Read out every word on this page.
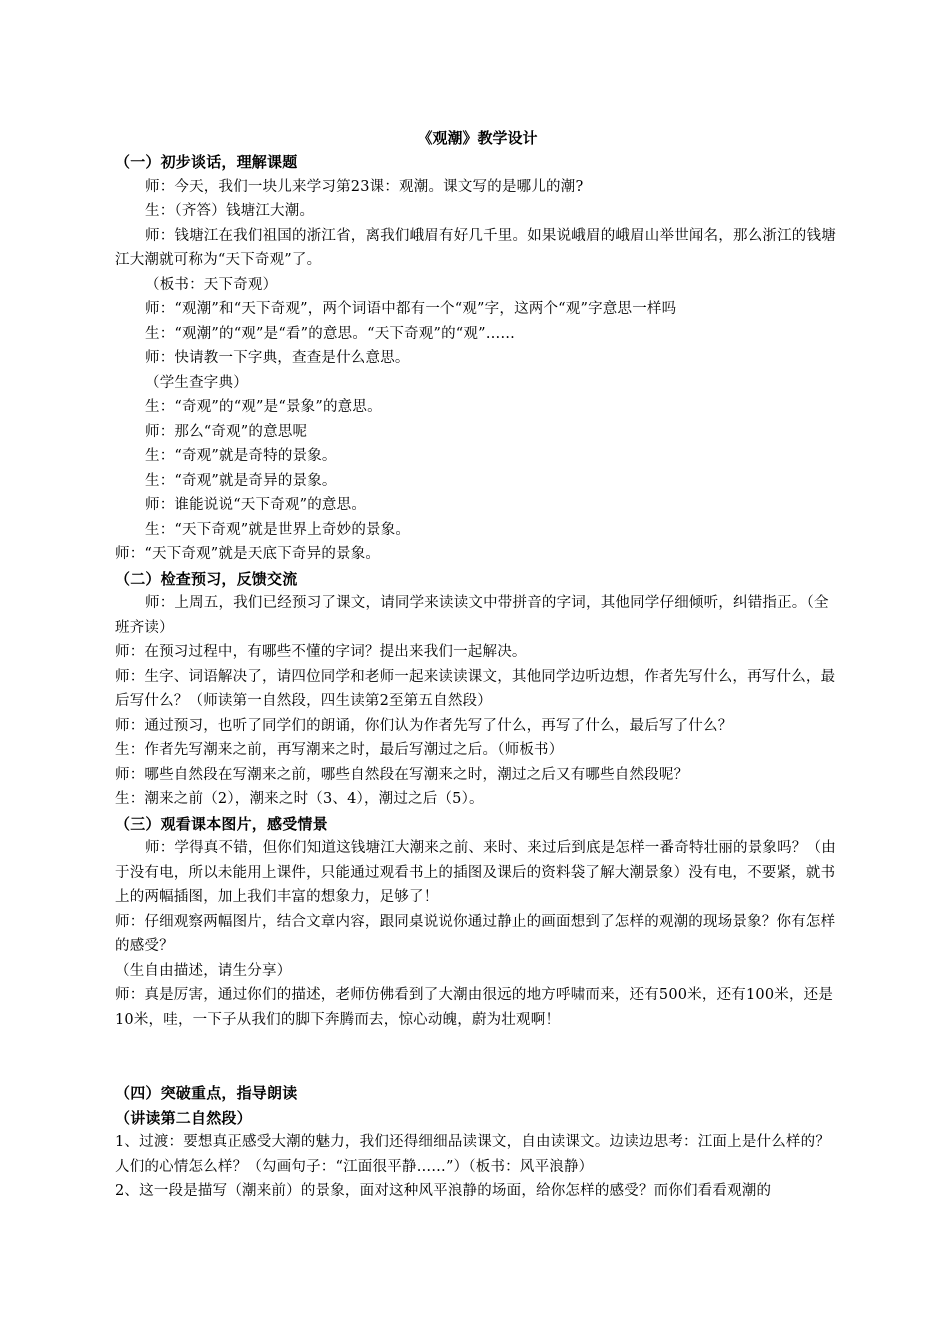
《观潮》教学设计

（一）初步谈话，理解课题

师：今天，我们一块儿来学习第23课：观潮。课文写的是哪儿的潮?

生：（齐答）钱塘江大潮。

师：钱塘江在我们祖国的浙江省，离我们峨眉有好几千里。如果说峨眉的峨眉山举世闻名，那么浙江的钱塘江大潮就可称为“天下奇观”了。

（板书：天下奇观）

师：“观潮”和“天下奇观”，两个词语中都有一个“观”字，这两个“观”字意思一样吗

生：“观潮”的“观”是“看”的意思。“天下奇观”的“观”……

师：快请教一下字典，查查是什么意思。

（学生查字典）

生：“奇观”的“观”是“景象”的意思。

师：那么“奇观”的意思呢

生：“奇观”就是奇特的景象。

生：“奇观”就是奇异的景象。

师：谁能说说“天下奇观”的意思。

生：“天下奇观”就是世界上奇妙的景象。

师：“天下奇观”就是天底下奇异的景象。

（二）检查预习，反馈交流

师：上周五，我们已经预习了课文，请同学来读读文中带拼音的字词，其他同学仔细倾听，纠错指正。（全班齐读）

师：在预习过程中，有哪些不懂的字词？提出来我们一起解决。

师：生字、词语解决了，请四位同学和老师一起来读读课文，其他同学边听边想，作者先写什么，再写什么，最后写什么？（师读第一自然段，四生读第2至第五自然段）

师：通过预习，也听了同学们的朗诵，你们认为作者先写了什么，再写了什么，最后写了什么？

生：作者先写潮来之前，再写潮来之时，最后写潮过之后。（师板书）

师：哪些自然段在写潮来之前，哪些自然段在写潮来之时，潮过之后又有哪些自然段呢？

生：潮来之前（2），潮来之时（3、4），潮过之后（5）。

（三）观看课本图片，感受情景

师：学得真不错，但你们知道这钱塘江大潮来之前、来时、来过后到底是怎样一番奇特壮丽的景象吗？（由于没有电，所以未能用上课件，只能通过观看书上的插图及课后的资料袋了解大潮景象）没有电，不要紧，就书上的两幅插图，加上我们丰富的想象力，足够了！

师：仔细观察两幅图片，结合文章内容，跟同桌说说你通过静止的画面想到了怎样的观潮的现场景象？你有怎样的感受？

（生自由描述，请生分享）

师：真是厉害，通过你们的描述，老师仿佛看到了大潮由很远的地方呼啸而来，还有500米，还有100米，还是10米，哇，一下子从我们的脚下奔腾而去，惊心动魄，蔚为壮观啊！

（四）突破重点，指导朗读

（讲读第二自然段）

1、过渡：要想真正感受大潮的魅力，我们还得细细品读课文，自由读课文。边读边思考：江面上是什么样的？人们的心情怎么样？（勾画句子：“江面很平静……”）（板书：风平浪静）

2、这一段是描写（潮来前）的景象，面对这种风平浪静的场面，给你怎样的感受？而你们看看观潮的
